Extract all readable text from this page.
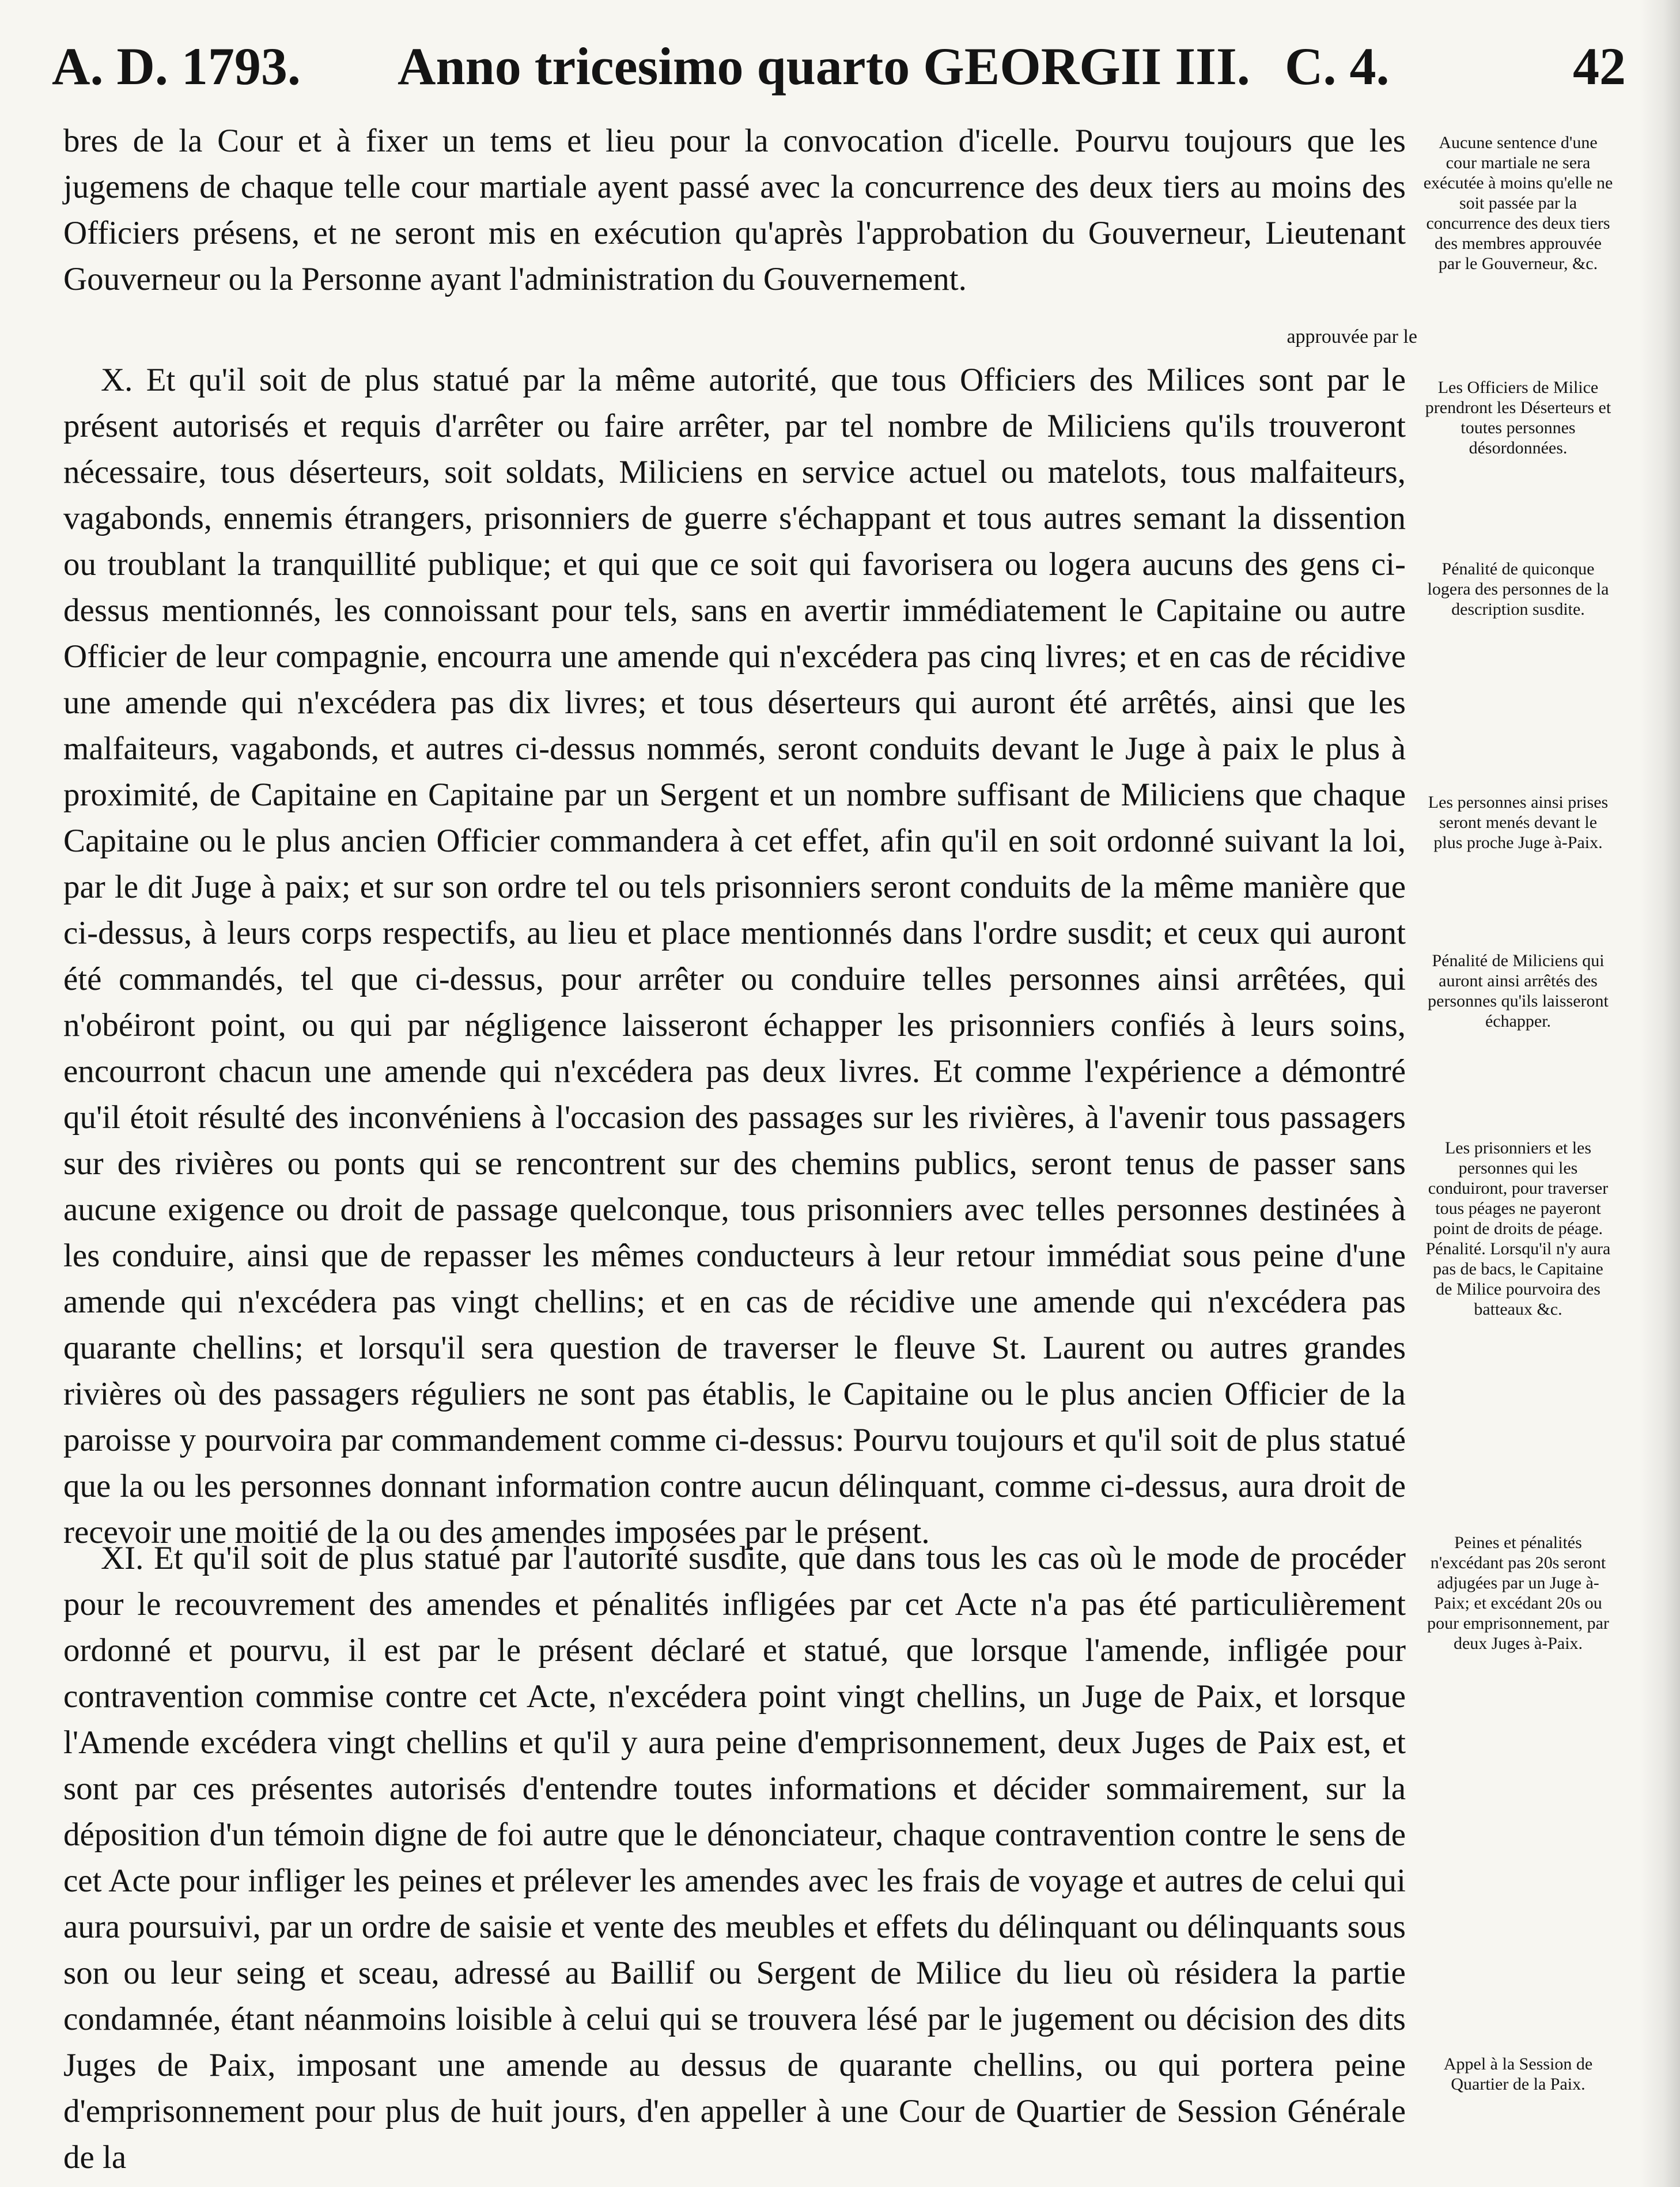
A. D. 1793. Anno tricesimo quarto GEORGII III. C. 4.	42

bres de la Cour et à fixer un tems et lieu pour la convocation d'icelle. Pourvu toujours que les jugemens de chaque telle cour martiale ayent passé avec la concurrence des deux tiers au moins des Officiers présens, et ne seront mis en exécution qu'après l'approbation du Gouverneur, Lieutenant Gouverneur ou la Personne ayant l'administration du Gouvernement.

approuvée par le

X. Et qu'il soit de plus statué par la même autorité, que tous Officiers des Milices sont par le présent autorisés et requis d'arrêter ou faire arrêter, par tel nombre de Miliciens qu'ils trouveront nécessaire, tous déserteurs, soit soldats, Miliciens en service actuel ou matelots, tous malfaiteurs, vagabonds, ennemis étrangers, prisonniers de guerre s'échappant et tous autres semant la dissention ou troublant la tranquillité publique; et qui que ce soit qui favorisera ou logera aucuns des gens ci-dessus mentionnés, les connoissant pour tels, sans en avertir immédiatement le Capitaine ou autre Officier de leur compagnie, encourra une amende qui n'excédera pas cinq livres; et en cas de récidive une amende qui n'excédera pas dix livres; et tous déserteurs qui auront été arrêtés, ainsi que les malfaiteurs, vagabonds, et autres ci-dessus nommés, seront conduits devant le Juge à paix le plus à proximité, de Capitaine en Capitaine par un Sergent et un nombre suffisant de Miliciens que chaque Capitaine ou le plus ancien Officier commandera à cet effet, afin qu'il en soit ordonné suivant la loi, par le dit Juge à paix; et sur son ordre tel ou tels prisonniers seront conduits de la même manière que ci-dessus, à leurs corps respectifs, au lieu et place mentionnés dans l'ordre susdit; et ceux qui auront été commandés, tel que ci-dessus, pour arrêter ou conduire telles personnes ainsi arrêtées, qui n'obéiront point, ou qui par négligence laisseront échapper les prisonniers confiés à leurs soins, encourront chacun une amende qui n'excédera pas deux livres. Et comme l'expérience a démontré qu'il étoit résulté des inconvéniens à l'occasion des passages sur les rivières, à l'avenir tous passagers sur des rivières ou ponts qui se rencontrent sur des chemins publics, seront tenus de passer sans aucune exigence ou droit de passage quelconque, tous prisonniers avec telles personnes destinées à les conduire, ainsi que de repasser les mêmes conducteurs à leur retour immédiat sous peine d'une amende qui n'excédera pas vingt chellins; et en cas de récidive une amende qui n'excédera pas quarante chellins; et lorsqu'il sera question de traverser le fleuve St. Laurent ou autres grandes rivières où des passagers réguliers ne sont pas établis, le Capitaine ou le plus ancien Officier de la paroisse y pourvoira par commandement comme ci-dessus: Pourvu toujours et qu'il soit de plus statué que la ou les personnes donnant information contre aucun délinquant, comme ci-dessus, aura droit de recevoir une moitié de la ou des amendes imposées par le présent.

XI. Et qu'il soit de plus statué par l'autorité susdite, que dans tous les cas où le mode de procéder pour le recouvrement des amendes et pénalités infligées par cet Acte n'a pas été particulièrement ordonné et pourvu, il est par le présent déclaré et statué, que lorsque l'amende, infligée pour contravention commise contre cet Acte, n'excédera point vingt chellins, un Juge de Paix, et lorsque l'Amende excédera vingt chellins et qu'il y aura peine d'emprisonnement, deux Juges de Paix est, et sont par ces présentes autorisés d'entendre toutes informations et décider sommairement, sur la déposition d'un témoin digne de foi autre que le dénonciateur, chaque contravention contre le sens de cet Acte pour infliger les peines et prélever les amendes avec les frais de voyage et autres de celui qui aura poursuivi, par un ordre de saisie et vente des meubles et effets du délinquant ou délinquants sous son ou leur seing et sceau, adressé au Baillif ou Sergent de Milice du lieu où résidera la partie condamnée, étant néanmoins loisible à celui qui se trouvera lésé par le jugement ou décision des dits Juges de Paix, imposant une amende au dessus de quarante chellins, ou qui portera peine d'emprisonnement pour plus de huit jours, d'en appeller à une Cour de Quartier de Session Générale de la

Aucune sentence d'une cour martiale ne sera exécutée à moins qu'elle ne soit passée par la concurrence des deux tiers des membres approuvée par le Gouverneur, &c.
Les Officiers de Milice prendront les Déserteurs et toutes personnes désordonnées.
Pénalité de quiconque logera des personnes de la description susdite.
Les personnes ainsi prises seront menés devant le plus proche Juge à-Paix.
Pénalité de Miliciens qui auront ainsi arrêtés des personnes qu'ils laisseront échapper.
Les prisonniers et les personnes qui les conduiront, pour traverser tous péages ne payeront point de droits de péage. Pénalité. Lorsqu'il n'y aura pas de bacs, le Capitaine de Milice pourvoira des batteaux &c.
Peines et pénalités n'excédant pas 20s seront adjugées par un Juge à-Paix; et excédant 20s ou pour emprisonnement, par deux Juges à-Paix.
Appel à la Session de Quartier de la Paix.
